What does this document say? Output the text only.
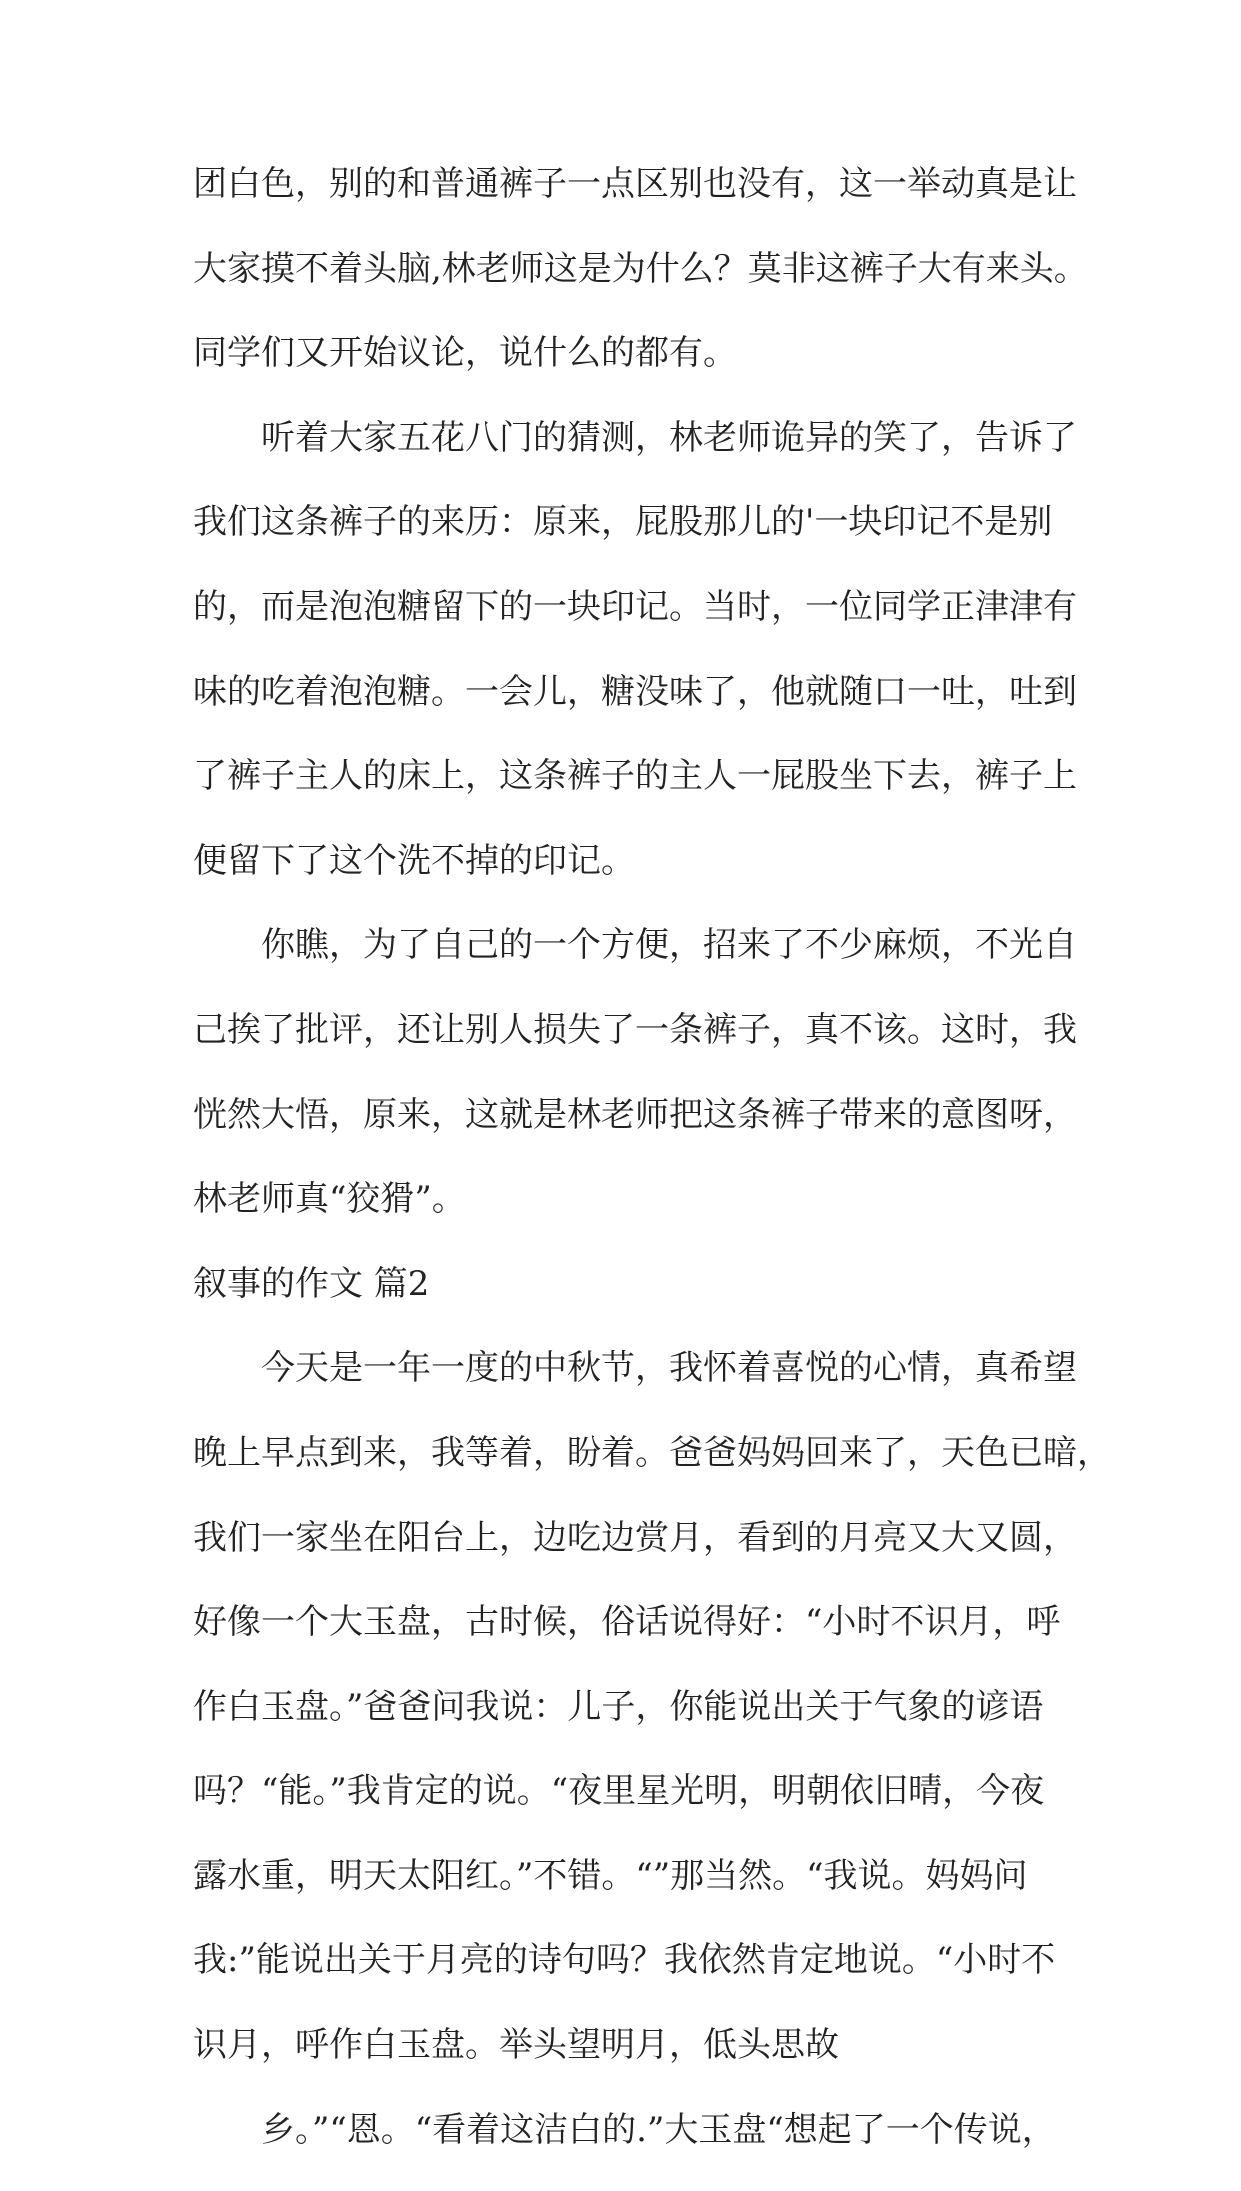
团白色，别的和普通裤子一点区别也没有，这一举动真是让
大家摸不着头脑,林老师这是为什么？莫非这裤子大有来头。
同学们又开始议论，说什么的都有。
听着大家五花八门的猜测，林老师诡异的笑了，告诉了
我们这条裤子的来历：原来，屁股那儿的'一块印记不是别
的，而是泡泡糖留下的一块印记。当时，一位同学正津津有
味的吃着泡泡糖。一会儿，糖没味了，他就随口一吐，吐到
了裤子主人的床上，这条裤子的主人一屁股坐下去，裤子上
便留下了这个洗不掉的印记。
你瞧，为了自己的一个方便，招来了不少麻烦，不光自
己挨了批评，还让别人损失了一条裤子，真不该。这时，我
恍然大悟，原来，这就是林老师把这条裤子带来的意图呀，
林老师真“狡猾”。
叙事的作文 篇2
今天是一年一度的中秋节，我怀着喜悦的心情，真希望
晚上早点到来，我等着，盼着。爸爸妈妈回来了，天色已暗，
我们一家坐在阳台上，边吃边赏月，看到的月亮又大又圆，
好像一个大玉盘，古时候，俗话说得好：“小时不识月，呼
作白玉盘。”爸爸问我说：儿子，你能说出关于气象的谚语
吗？“能。”我肯定的说。“夜里星光明，明朝依旧晴，今夜
露水重，明天太阳红。”不错。“”那当然。“我说。妈妈问
我:”能说出关于月亮的诗句吗？我依然肯定地说。“小时不
识月，呼作白玉盘。举头望明月，低头思故
乡。”“恩。“看着这洁白的.”大玉盘“想起了一个传说，
